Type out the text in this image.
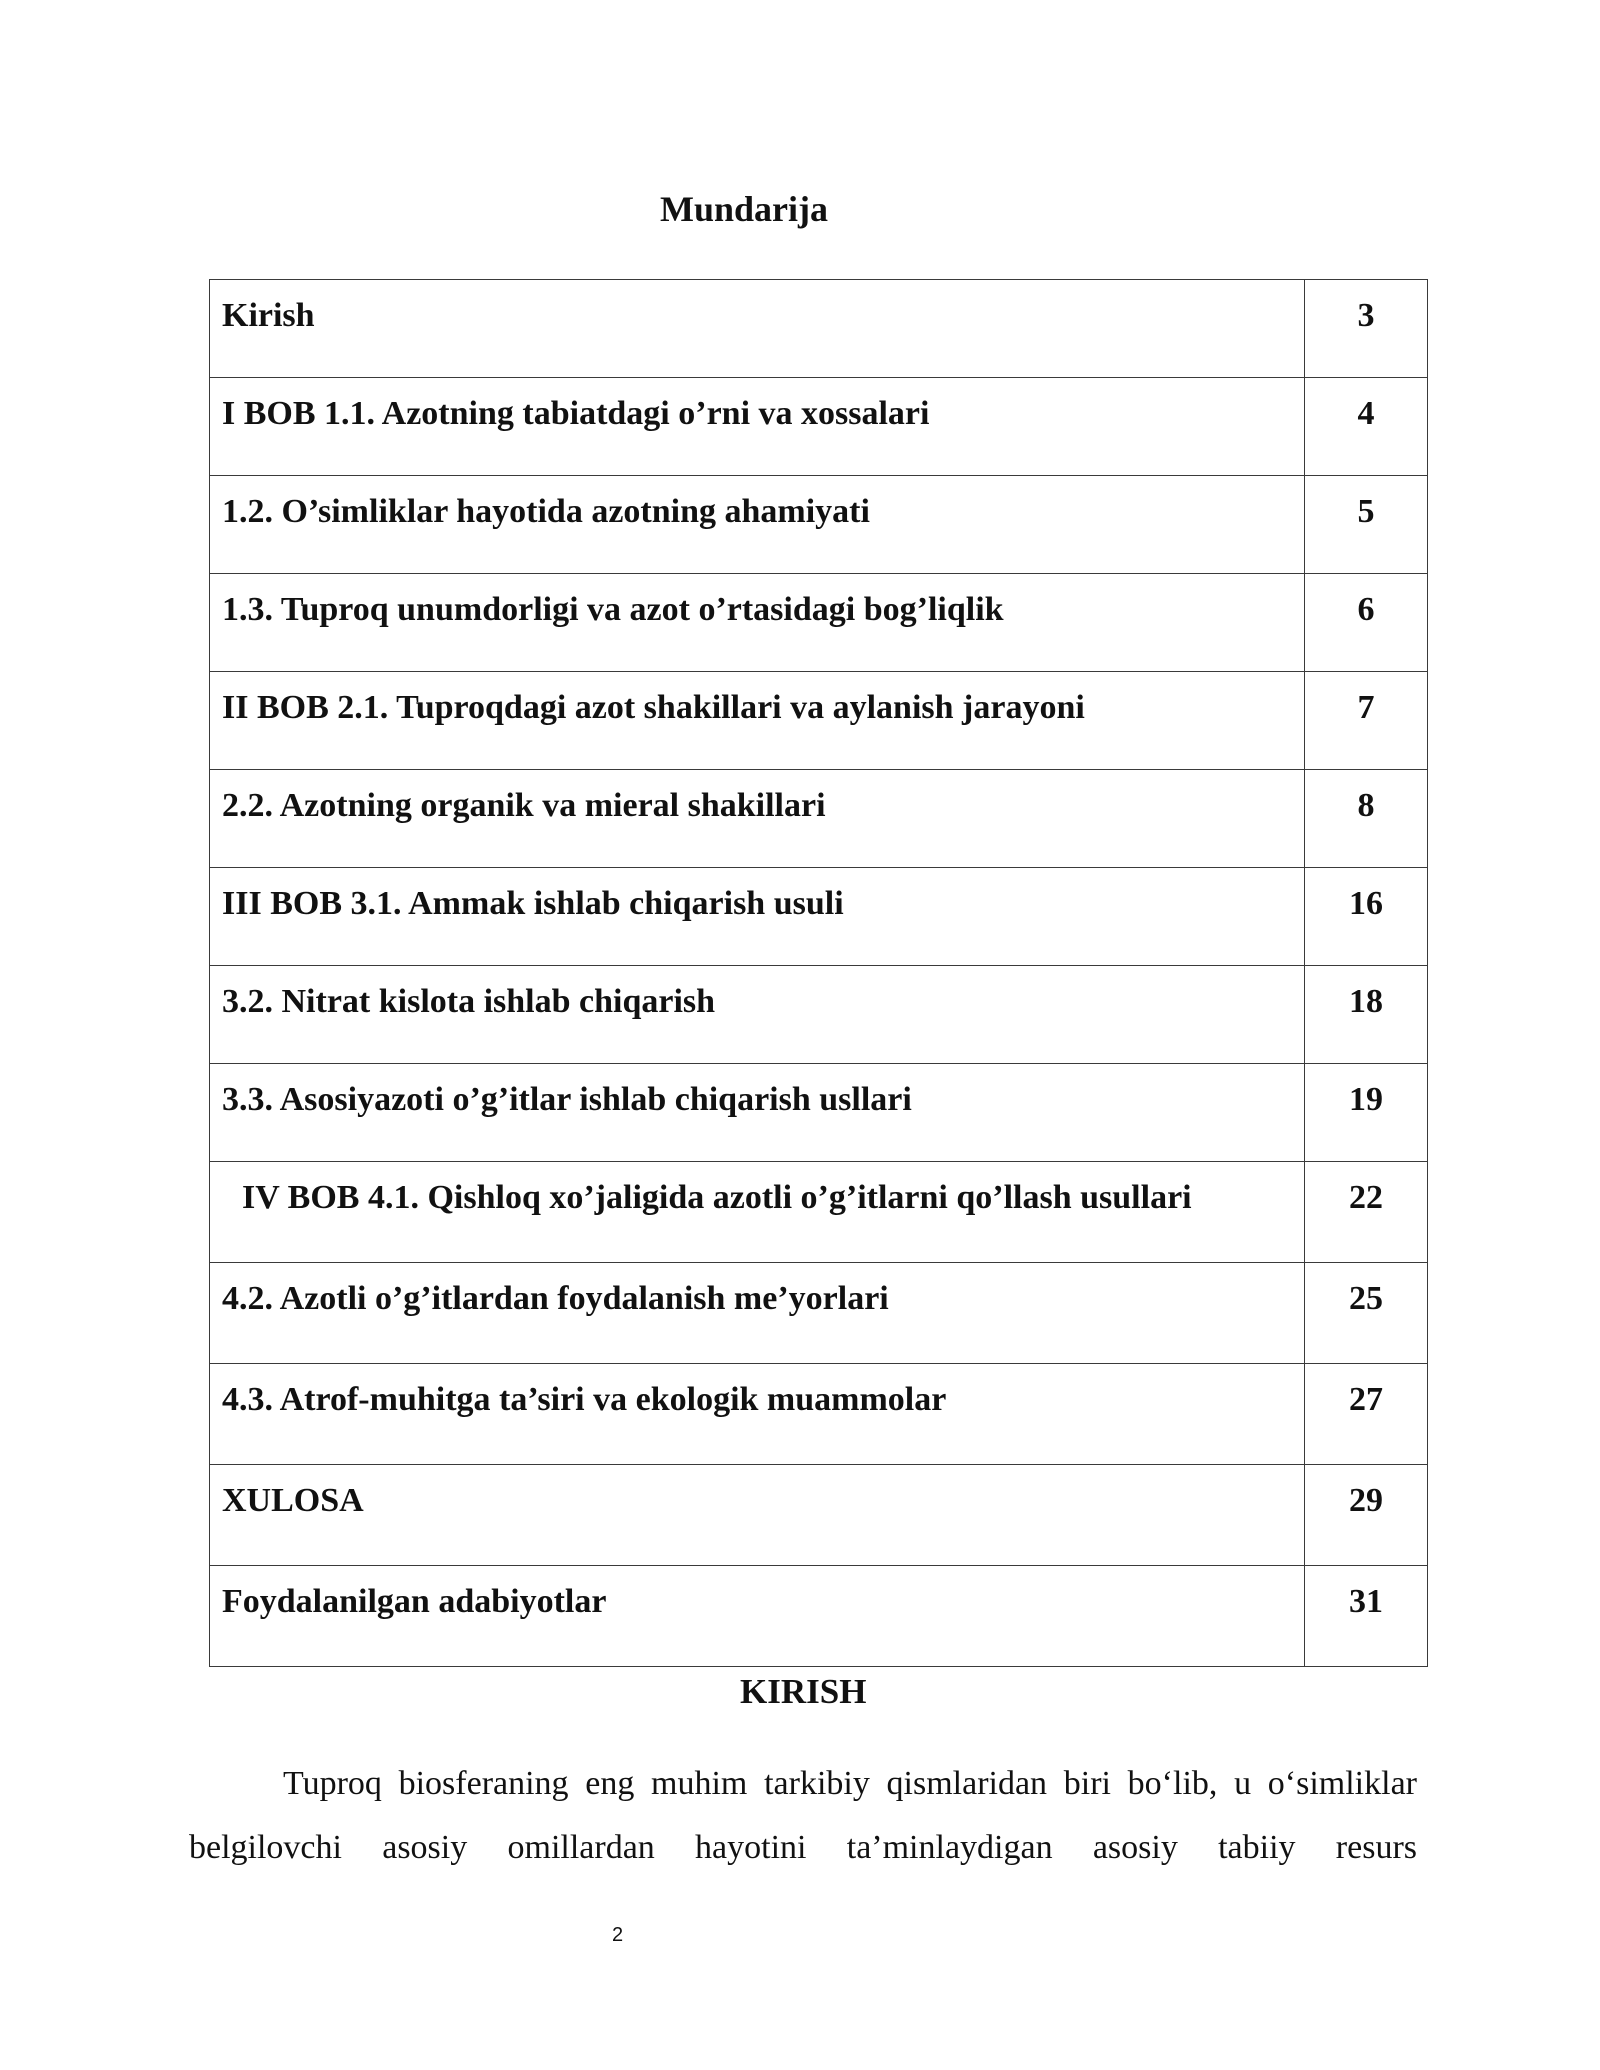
Mundarija
Kirish	3
I BOB 1.1. Azotning tabiatdagi o’rni va xossalari	4
1.2. O’simliklar hayotida azotning ahamiyati	5
1.3. Tuproq unumdorligi va azot o’rtasidagi bog’liqlik	6
II BOB 2.1. Tuproqdagi azot shakillari va aylanish jarayoni	7
2.2. Azotning organik va mieral shakillari	8
III BOB 3.1. Ammak ishlab chiqarish usuli	16
3.2. Nitrat kislota ishlab chiqarish	18
3.3. Asosiyazoti o’g’itlar ishlab chiqarish usllari	19
IV BOB 4.1. Qishloq xo’jaligida azotli o’g’itlarni qo’llash usullari	22
4.2. Azotli o’g’itlardan foydalanish me’yorlari	25
4.3. Atrof-muhitga ta’siri va ekologik muammolar	27
XULOSA	29
Foydalanilgan adabiyotlar	31
KIRISH

Tuproq biosferaning eng muhim tarkibiy qismlaridan biri bo‘lib, u o‘simliklar
belgilovchi asosiy omillardan hayotini ta’minlaydigan asosiy tabiiy resurs

2
